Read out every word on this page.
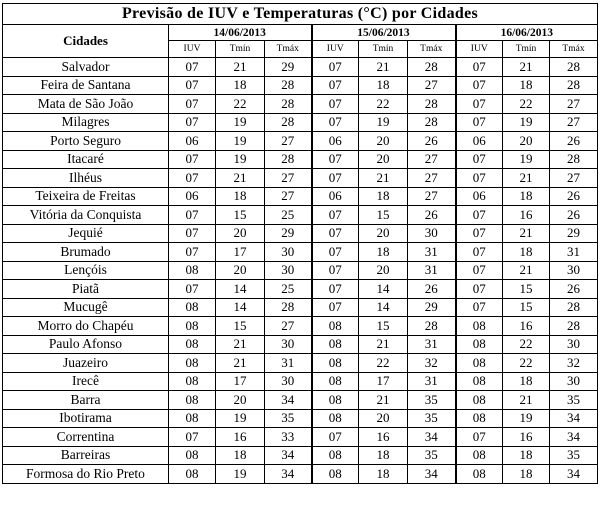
Previsão de IUV e Temperaturas (°C) por Cidades									
Cidades	14/06/2013			15/06/2013			16/06/2013		
	IUV	Tmín	Tmáx	IUV	Tmín	Tmáx	IUV	Tmín	Tmáx
Salvador	07	21	29	07	21	28	07	21	28
Feira de Santana	07	18	28	07	18	27	07	18	28
Mata de São João	07	22	28	07	22	28	07	22	27
Milagres	07	19	28	07	19	28	07	19	27
Porto Seguro	06	19	27	06	20	26	06	20	26
Itacaré	07	19	28	07	20	27	07	19	28
Ilhéus	07	21	27	07	21	27	07	21	27
Teixeira de Freitas	06	18	27	06	18	27	06	18	26
Vitória da Conquista	07	15	25	07	15	26	07	16	26
Jequié	07	20	29	07	20	30	07	21	29
Brumado	07	17	30	07	18	31	07	18	31
Lençóis	08	20	30	07	20	31	07	21	30
Piatã	07	14	25	07	14	26	07	15	26
Mucugê	08	14	28	07	14	29	07	15	28
Morro do Chapéu	08	15	27	08	15	28	08	16	28
Paulo Afonso	08	21	30	08	21	31	08	22	30
Juazeiro	08	21	31	08	22	32	08	22	32
Irecê	08	17	30	08	17	31	08	18	30
Barra	08	20	34	08	21	35	08	21	35
Ibotirama	08	19	35	08	20	35	08	19	34
Correntina	07	16	33	07	16	34	07	16	34
Barreiras	08	18	34	08	18	35	08	18	35
Formosa do Rio Preto	08	19	34	08	18	34	08	18	34
